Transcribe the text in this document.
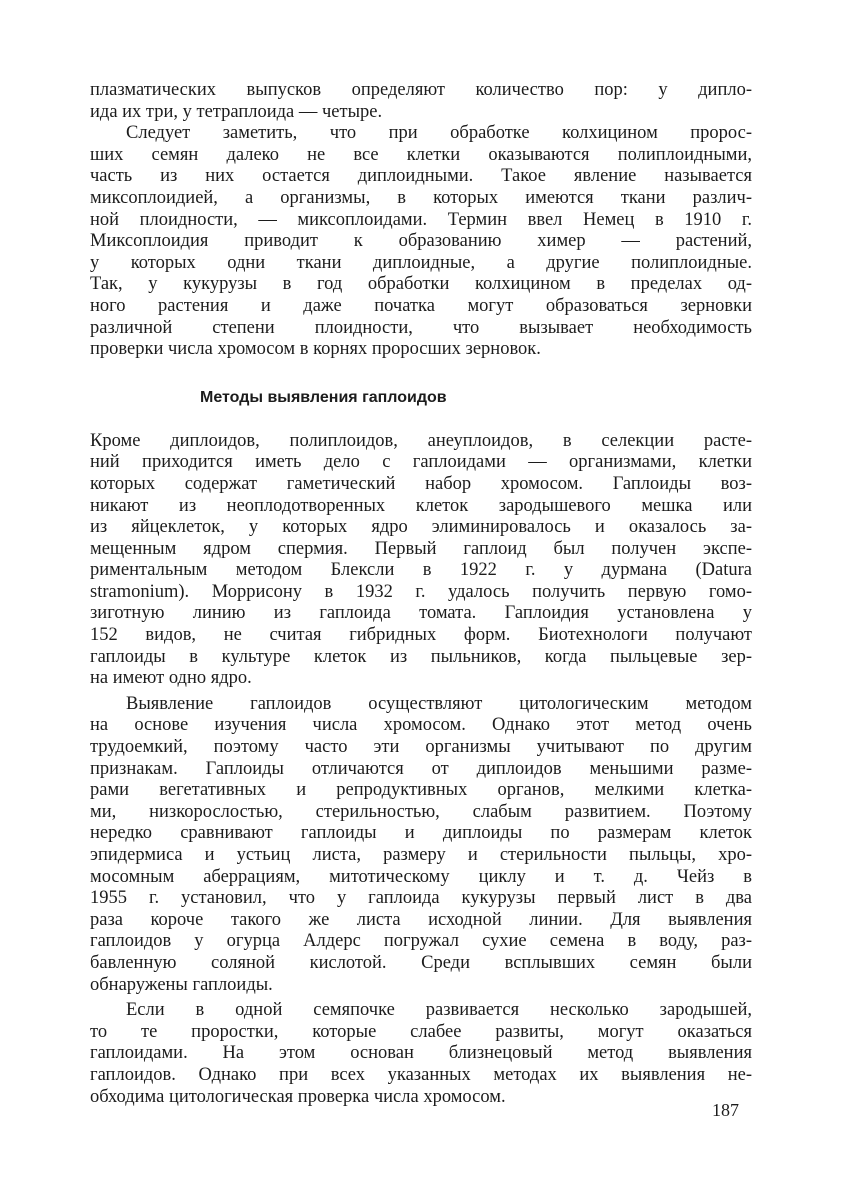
плазматических выпусков определяют количество пор: у дипло-
ида их три, у тетраплоида — четыре.
Следует заметить, что при обработке колхицином пророс-
ших семян далеко не все клетки оказываются полиплоидными,
часть из них остается диплоидными. Такое явление называется
миксоплоидией, а организмы, в которых имеются ткани различ-
ной плоидности, — миксоплоидами. Термин ввел Немец в 1910 г.
Миксоплоидия приводит к образованию химер — растений,
у которых одни ткани диплоидные, а другие полиплоидные.
Так, у кукурузы в год обработки колхицином в пределах од-
ного растения и даже початка могут образоваться зерновки
различной степени плоидности, что вызывает необходимость
проверки числа хромосом в корнях проросших зерновок.
Методы выявления гаплоидов
Кроме диплоидов, полиплоидов, анеуплоидов, в селекции расте-
ний приходится иметь дело с гаплоидами — организмами, клетки
которых содержат гаметический набор хромосом. Гаплоиды воз-
никают из неоплодотворенных клеток зародышевого мешка или
из яйцеклеток, у которых ядро элиминировалось и оказалось за-
мещенным ядром спермия. Первый гаплоид был получен экспе-
риментальным методом Блексли в 1922 г. у дурмана (Datura
stramonium). Моррисону в 1932 г. удалось получить первую гомо-
зиготную линию из гаплоида томата. Гаплоидия установлена у
152 видов, не считая гибридных форм. Биотехнологи получают
гаплоиды в культуре клеток из пыльников, когда пыльцевые зер-
на имеют одно ядро.
Выявление гаплоидов осуществляют цитологическим методом
на основе изучения числа хромосом. Однако этот метод очень
трудоемкий, поэтому часто эти организмы учитывают по другим
признакам. Гаплоиды отличаются от диплоидов меньшими разме-
рами вегетативных и репродуктивных органов, мелкими клетка-
ми, низкорослостью, стерильностью, слабым развитием. Поэтому
нередко сравнивают гаплоиды и диплоиды по размерам клеток
эпидермиса и устьиц листа, размеру и стерильности пыльцы, хро-
мосомным аберрациям, митотическому циклу и т. д. Чейз в
1955 г. установил, что у гаплоида кукурузы первый лист в два
раза короче такого же листа исходной линии. Для выявления
гаплоидов у огурца Алдерс погружал сухие семена в воду, раз-
бавленную соляной кислотой. Среди всплывших семян были
обнаружены гаплоиды.
Если в одной семяпочке развивается несколько зародышей,
то те проростки, которые слабее развиты, могут оказаться
гаплоидами. На этом основан близнецовый метод выявления
гаплоидов. Однако при всех указанных методах их выявления не-
обходима цитологическая проверка числа хромосом.
187
